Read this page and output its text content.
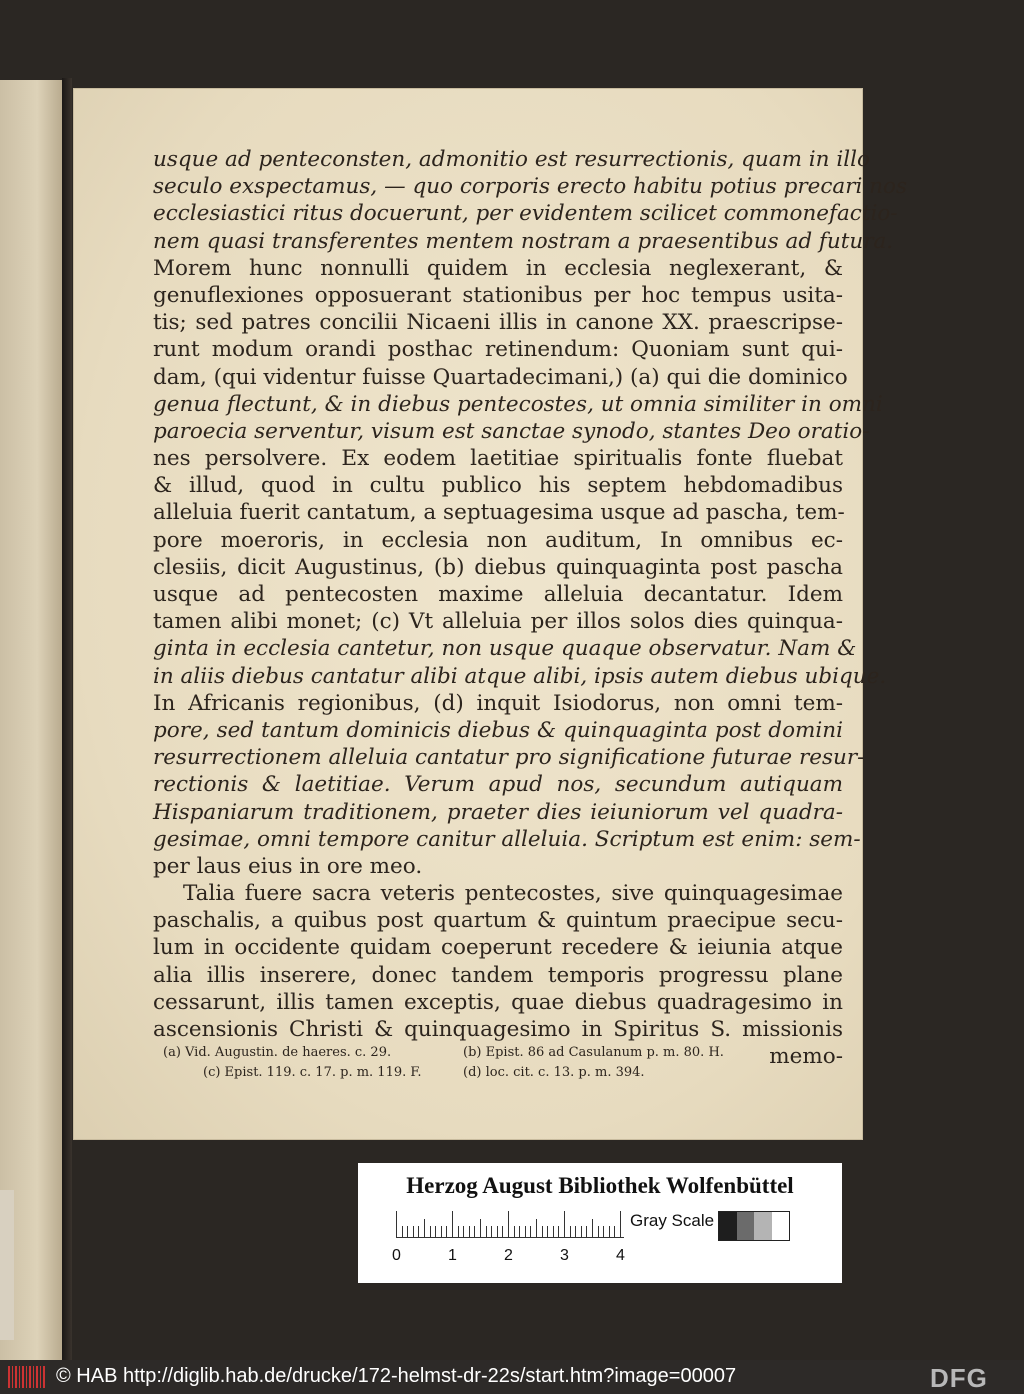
usque ad penteconsten, admonitio est resurrectionis, quam in illo
seculo exspectamus, — quo corporis erecto habitu potius precari nos
ecclesiastici ritus docuerunt, per evidentem scilicet commonefactio-
nem quasi transferentes mentem nostram a praesentibus ad futura.
Morem hunc nonnulli quidem in ecclesia neglexerant, &
genuflexiones opposuerant stationibus per hoc tempus usita-
tis; sed patres concilii Nicaeni illis in canone XX. praescripse-
runt modum orandi posthac retinendum: Quoniam sunt qui-
dam, (qui videntur fuisse Quartadecimani,) (a) qui die dominico
genua flectunt, & in diebus pentecostes, ut omnia similiter in omni
paroecia serventur, visum est sanctae synodo, stantes Deo oratio-
nes persolvere. Ex eodem laetitiae spiritualis fonte fluebat
& illud, quod in cultu publico his septem hebdomadibus
alleluia fuerit cantatum, a septuagesima usque ad pascha, tem-
pore moeroris, in ecclesia non auditum, In omnibus ec-
clesiis, dicit Augustinus, (b) diebus quinquaginta post pascha
usque ad pentecosten maxime alleluia decantatur. Idem
tamen alibi monet; (c) Vt alleluia per illos solos dies quinqua-
ginta in ecclesia cantetur, non usque quaque observatur. Nam &
in aliis diebus cantatur alibi atque alibi, ipsis autem diebus ubique.
In Africanis regionibus, (d) inquit Isiodorus, non omni tem-
pore, sed tantum dominicis diebus & quinquaginta post domini
resurrectionem alleluia cantatur pro significatione futurae resur-
rectionis & laetitiae. Verum apud nos, secundum autiquam
Hispaniarum traditionem, praeter dies ieiuniorum vel quadra-
gesimae, omni tempore canitur alleluia. Scriptum est enim: sem-
per laus eius in ore meo.
Talia fuere sacra veteris pentecostes, sive quinquagesimae
paschalis, a quibus post quartum & quintum praecipue secu-
lum in occidente quidam coeperunt recedere & ieiunia atque
alia illis inserere, donec tandem temporis progressu plane
cessarunt, illis tamen exceptis, quae diebus quadragesimo in
ascensionis Christi & quinquagesimo in Spiritus S. missionis
memo-
(a) Vid. Augustin. de haeres. c. 29.	(b) Epist. 86 ad Casulanum p. m. 80. H.
(c) Epist. 119. c. 17. p. m. 119. F.	(d) loc. cit. c. 13. p. m. 394.
Herzog August Bibliothek Wolfenbüttel
0	1	2	3	4
Gray Scale
© HAB http://diglib.hab.de/drucke/172-helmst-dr-22s/start.htm?image=00007	DFG
